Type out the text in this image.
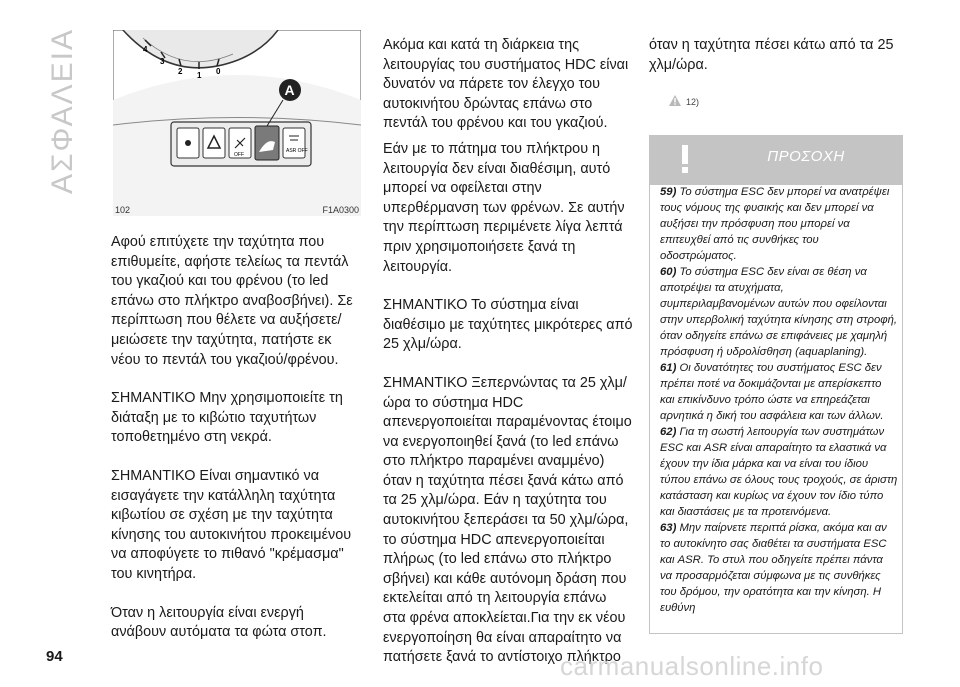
ΑΣΦΑΛΕΙΑ	4
3
2 1 0
OFF
ASR OFF
A
102	F1A0300

Αφού επιτύχετε την ταχύτητα που επιθυμείτε, αφήστε τελείως τα πεντάλ του γκαζιού και του φρένου (το led επάνω στο πλήκτρο αναβοσβήνει). Σε περίπτωση που θέλετε να αυξήσετε/μειώσετε την ταχύτητα, πατήστε εκ νέου το πεντάλ του γκαζιού/φρένου.

ΣΗΜΑΝΤΙΚΟ Μην χρησιμοποιείτε τη διάταξη με το κιβώτιο ταχυτήτων τοποθετημένο στη νεκρά.

ΣΗΜΑΝΤΙΚΟ Είναι σημαντικό να εισαγάγετε την κατάλληλη ταχύτητα κιβωτίου σε σχέση με την ταχύτητα κίνησης του αυτοκινήτου προκειμένου να αποφύγετε το πιθανό "κρέμασμα" του κινητήρα.

Όταν η λειτουργία είναι ενεργή ανάβουν αυτόματα τα φώτα στοπ.

Ακόμα και κατά τη διάρκεια της λειτουργίας του συστήματος HDC είναι δυνατόν να πάρετε τον έλεγχο του αυτοκινήτου δρώντας επάνω στο πεντάλ του φρένου και του γκαζιού.

Εάν με το πάτημα του πλήκτρου η λειτουργία δεν είναι διαθέσιμη, αυτό μπορεί να οφείλεται στην υπερθέρμανση των φρένων. Σε αυτήν την περίπτωση περιμένετε λίγα λεπτά πριν χρησιμοποιήσετε ξανά τη λειτουργία.

ΣΗΜΑΝΤΙΚΟ Το σύστημα είναι διαθέσιμο με ταχύτητες μικρότερες από 25 χλμ/ώρα.

ΣΗΜΑΝΤΙΚΟ Ξεπερνώντας τα 25 χλμ/ώρα το σύστημα HDC απενεργοποιείται παραμένοντας έτοιμο να ενεργοποιηθεί ξανά (το led επάνω στο πλήκτρο παραμένει αναμμένο) όταν η ταχύτητα πέσει ξανά κάτω από τα 25 χλμ/ώρα. Εάν η ταχύτητα του αυτοκινήτου ξεπεράσει τα 50 χλμ/ώρα, το σύστημα HDC απενεργοποιείται πλήρως (το led επάνω στο πλήκτρο σβήνει) και κάθε αυτόνομη δράση που εκτελείται από τη λειτουργία επάνω στα φρένα αποκλείεται.Για την εκ νέου ενεργοποίηση θα είναι απαραίτητο να πατήσετε ξανά το αντίστοιχο πλήκτρο

όταν η ταχύτητα πέσει κάτω από τα 25 χλμ/ώρα.

12)
ΠΡΟΣΟΧΗ
59) Το σύστημα ESC δεν μπορεί να ανατρέψει τους νόμους της φυσικής και δεν μπορεί να αυξήσει την πρόσφυση που μπορεί να επιτευχθεί από τις συνθήκες του οδοστρώματος.
60) Το σύστημα ESC δεν είναι σε θέση να αποτρέψει τα ατυχήματα, συμπεριλαμβανομένων αυτών που οφείλονται στην υπερβολική ταχύτητα κίνησης στη στροφή, όταν οδηγείτε επάνω σε επιφάνειες με χαμηλή πρόσφυση ή υδρολίσθηση (aquaplaning).
61) Οι δυνατότητες του συστήματος ESC δεν πρέπει ποτέ να δοκιμάζονται με απερίσκεπτο και επικίνδυνο τρόπο ώστε να επηρεάζεται αρνητικά η δική του ασφάλεια και των άλλων.
62) Για τη σωστή λειτουργία των συστημάτων ESC και ASR είναι απαραίτητο τα ελαστικά να έχουν την ίδια μάρκα και να είναι του ίδιου τύπου επάνω σε όλους τους τροχούς, σε άριστη κατάσταση και κυρίως να έχουν τον ίδιο τύπο και διαστάσεις με τα προτεινόμενα.
63) Μην παίρνετε περιττά ρίσκα, ακόμα και αν το αυτοκίνητο σας διαθέτει τα συστήματα ESC και ASR. Το στυλ που οδηγείτε πρέπει πάντα να προσαρμόζεται σύμφωνα με τις συνθήκες του δρόμου, την ορατότητα και την κίνηση. Η ευθύνη
94	carmanualsonline.info
